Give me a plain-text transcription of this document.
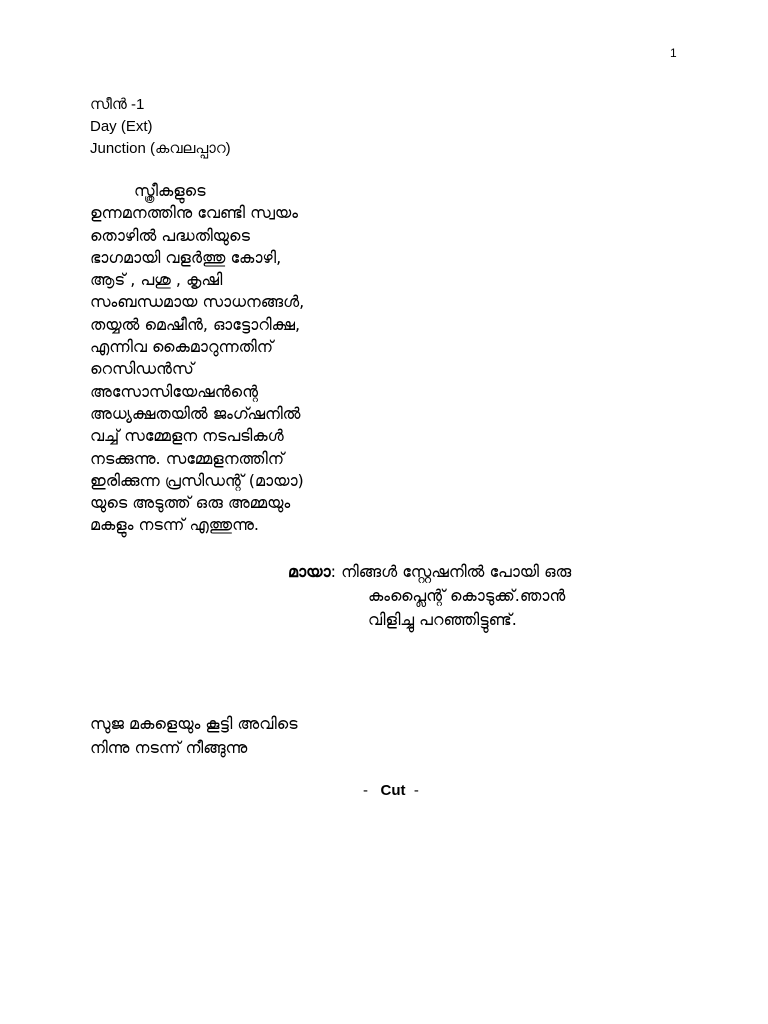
1
സീൻ -1
Day (Ext)
Junction (കവലപ്പാറ)
സ്ത്രീകളുടെ
ഉന്നമനത്തിനു വേണ്ടി സ്വയം
തൊഴിൽ പദ്ധതിയുടെ
ഭാഗമായി വളർത്തു കോഴി,
ആട് , പശു , കൃഷി
സംബന്ധമായ സാധനങ്ങൾ,
തയ്യൽ മെഷീൻ, ഓട്ടോറിക്ഷ,
എന്നിവ കൈമാറുന്നതിന്
റെസിഡൻസ്
അസോസിയേഷൻന്റെ
അധ്യക്ഷതയിൽ ജംഗ്ഷനിൽ
വച്ച് സമ്മേളന നടപടികൾ
നടക്കുന്നു. സമ്മേളനത്തിന്
ഇരിക്കുന്ന പ്രസിഡന്റ് (മായാ)
യുടെ അടുത്ത് ഒരു അമ്മയും
മകളും നടന്ന് എത്തുന്നു.
മായാ: നിങ്ങൾ സ്റ്റേഷനിൽ പോയി ഒരു
കംപ്ലൈന്റ് കൊടുക്ക്.ഞാൻ
വിളിച്ചു പറഞ്ഞിട്ടുണ്ട്.
സുജ മകളെയും കൂട്ടി അവിടെ
നിന്നു നടന്ന് നീങ്ങുന്നു
-   Cut  -
